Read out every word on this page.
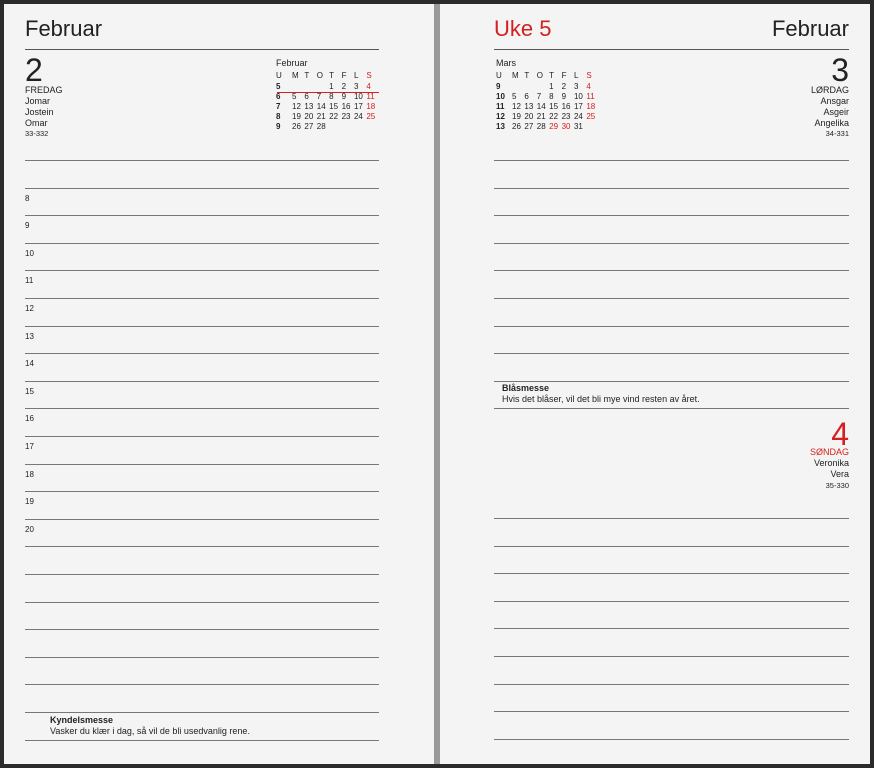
Februar
2
FREDAG
Jomar
Jostein
Omar
33-332
Februar
U	M	T	O	T	F	L	S
5				1	2	3	4
6	5	6	7	8	9	10	11
7	12	13	14	15	16	17	18
8	19	20	21	22	23	24	25
9	26	27	28				
8
9
10
11
12
13
14
15
16
17
18
19
20
Kyndelsmesse
Vasker du klær i dag, så vil de bli usedvanlig rene.
Uke 5	Februar
Mars
U	M	T	O	T	F	L	S
9				1	2	3	4
10	5	6	7	8	9	10	11
11	12	13	14	15	16	17	18
12	19	20	21	22	23	24	25
13	26	27	28	29	30	31	
3
LØRDAG
Ansgar
Asgeir
Angelika
34-331
Blåsmesse
Hvis det blåser, vil det bli mye vind resten av året.
4
SØNDAG
Veronika
Vera
35-330
